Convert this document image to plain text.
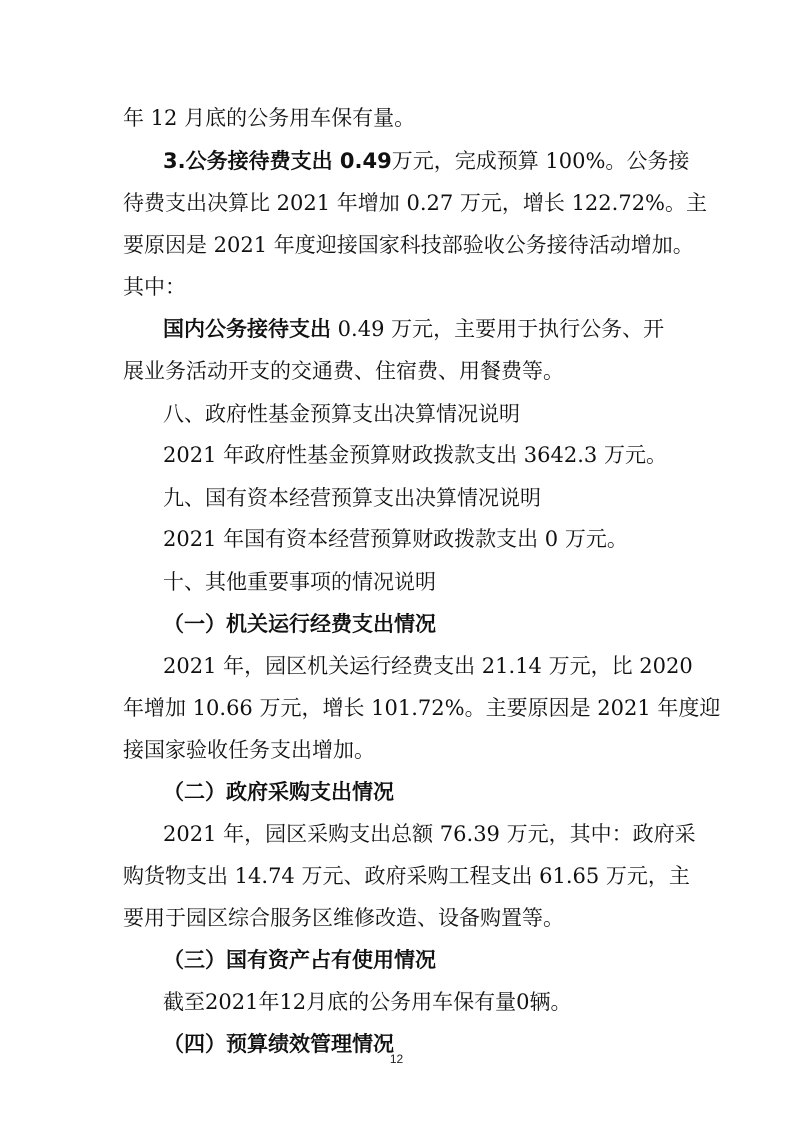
年 12 月底的公务用车保有量。
3.公务接待费支出 0.49万元，完成预算 100%。公务接
待费支出决算比 2021 年增加 0.27 万元，增长 122.72%。主
要原因是 2021 年度迎接国家科技部验收公务接待活动增加。
其中：
国内公务接待支出 0.49 万元，主要用于执行公务、开
展业务活动开支的交通费、住宿费、用餐费等。
八、政府性基金预算支出决算情况说明
2021 年政府性基金预算财政拨款支出 3642.3 万元。
九、国有资本经营预算支出决算情况说明
2021 年国有资本经营预算财政拨款支出 0 万元。
十、其他重要事项的情况说明
（一）机关运行经费支出情况
2021 年，园区机关运行经费支出 21.14 万元，比 2020
年增加 10.66 万元，增长 101.72%。主要原因是 2021 年度迎
接国家验收任务支出增加。
（二）政府采购支出情况
2021 年，园区采购支出总额 76.39 万元，其中：政府采
购货物支出 14.74 万元、政府采购工程支出 61.65 万元，主
要用于园区综合服务区维修改造、设备购置等。
（三）国有资产占有使用情况
截至2021年12月底的公务用车保有量0辆。
（四）预算绩效管理情况
12
